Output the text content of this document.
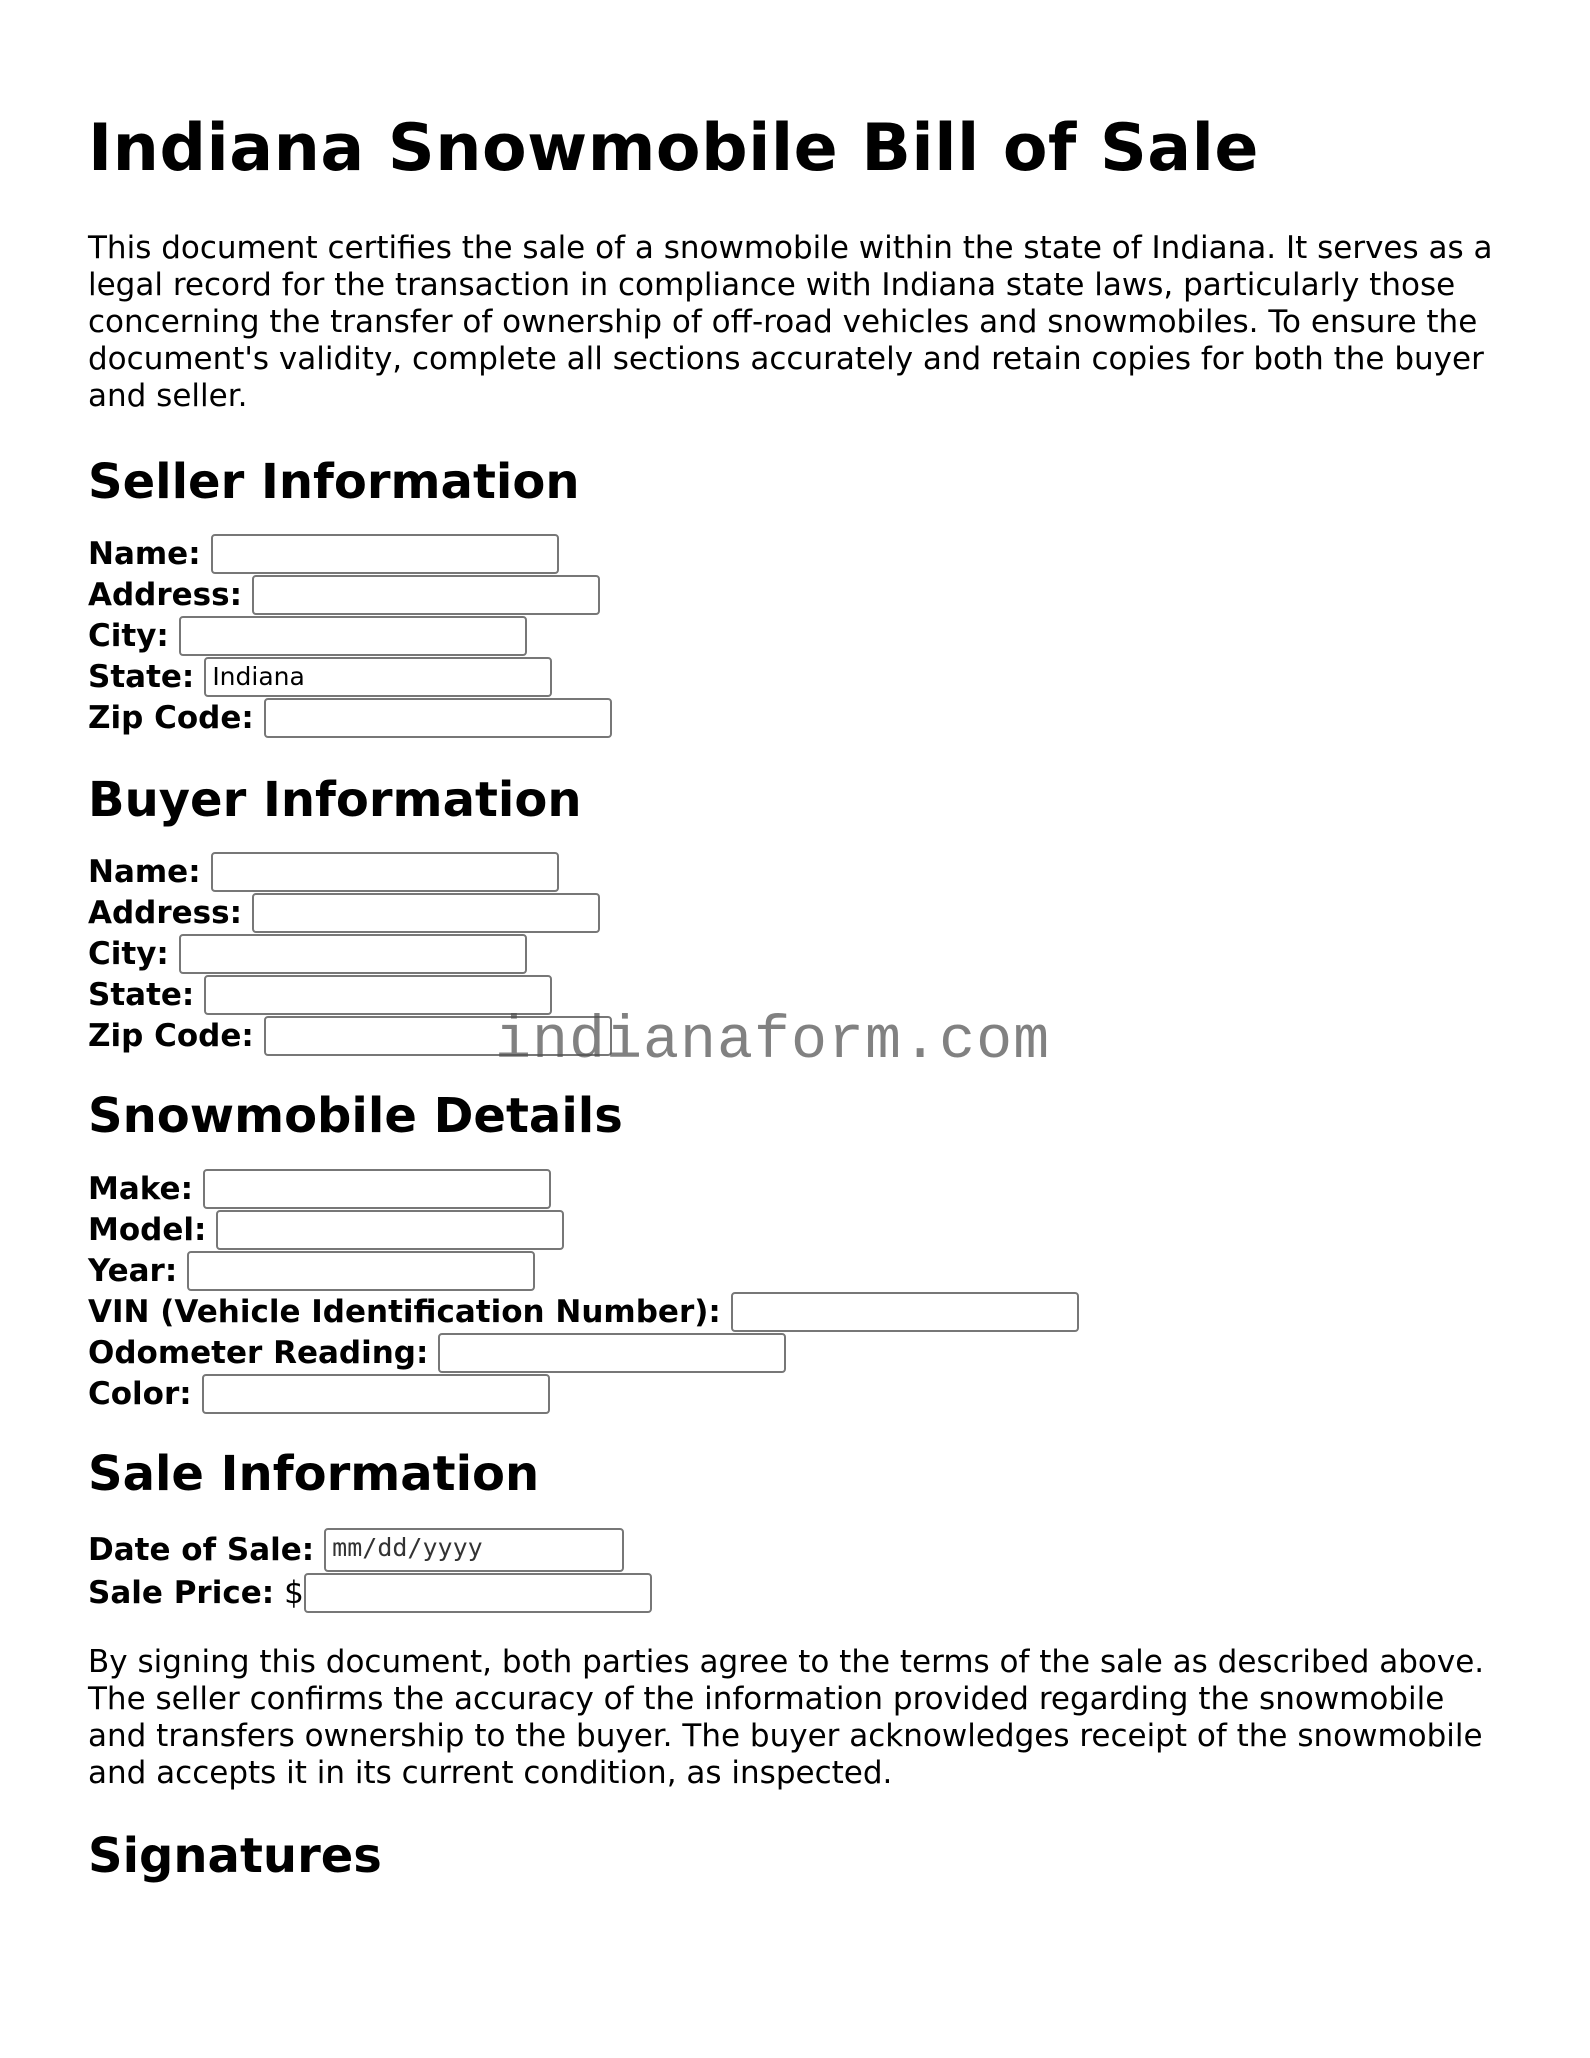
Indiana Snowmobile Bill of Sale

This document certifies the sale of a snowmobile within the state of Indiana. It serves as a legal record for the transaction in compliance with Indiana state laws, particularly those concerning the transfer of ownership of off-road vehicles and snowmobiles. To ensure the document's validity, complete all sections accurately and retain copies for both the buyer and seller.

Seller Information
Name:
Address:
City:
State: Indiana
Zip Code:
Buyer Information
Name:
Address:
City:
State:
Zip Code:
Snowmobile Details
Make:
Model:
Year:
VIN (Vehicle Identification Number):
Odometer Reading:
Color:
Sale Information
Date of Sale: mm/dd/yyyy
Sale Price: $

By signing this document, both parties agree to the terms of the sale as described above. The seller confirms the accuracy of the information provided regarding the snowmobile and transfers ownership to the buyer. The buyer acknowledges receipt of the snowmobile and accepts it in its current condition, as inspected.

Signatures
indianaform.com
